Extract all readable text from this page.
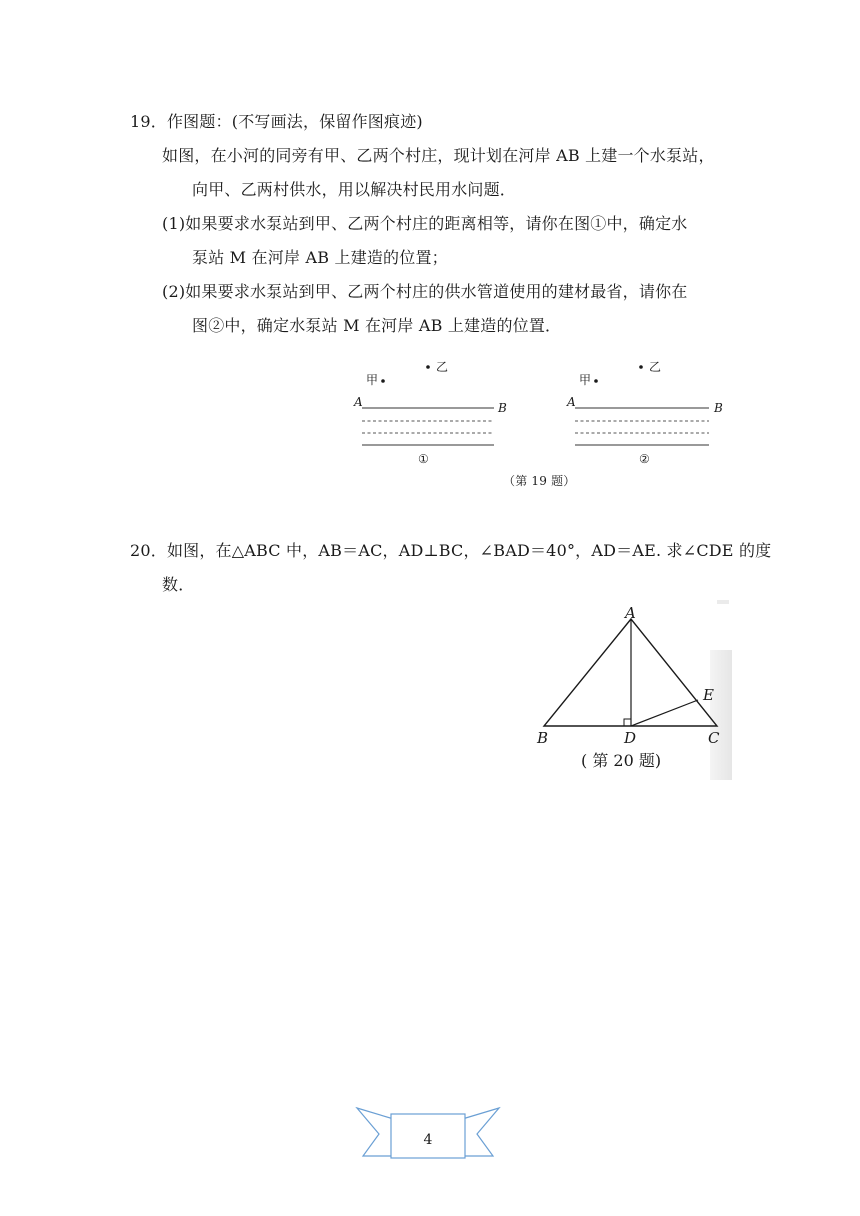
19．作图题：(不写画法，保留作图痕迹)
如图，在小河的同旁有甲、乙两个村庄，现计划在河岸 AB 上建一个水泵站，
向甲、乙两村供水，用以解决村民用水问题．
(1)如果要求水泵站到甲、乙两个村庄的距离相等，请你在图①中，确定水
泵站 M 在河岸 AB 上建造的位置；
(2)如果要求水泵站到甲、乙两个村庄的供水管道使用的建材最省，请你在
图②中，确定水泵站 M 在河岸 AB 上建造的位置．
乙
甲
A	B
①
乙
甲
A	B
②
（第 19 题）
20．如图，在△ABC 中，AB＝AC，AD⊥BC，∠BAD＝40°，AD＝AE. 求∠CDE 的度
数．
A
B	C
D
E
( 第 20 题)
4
